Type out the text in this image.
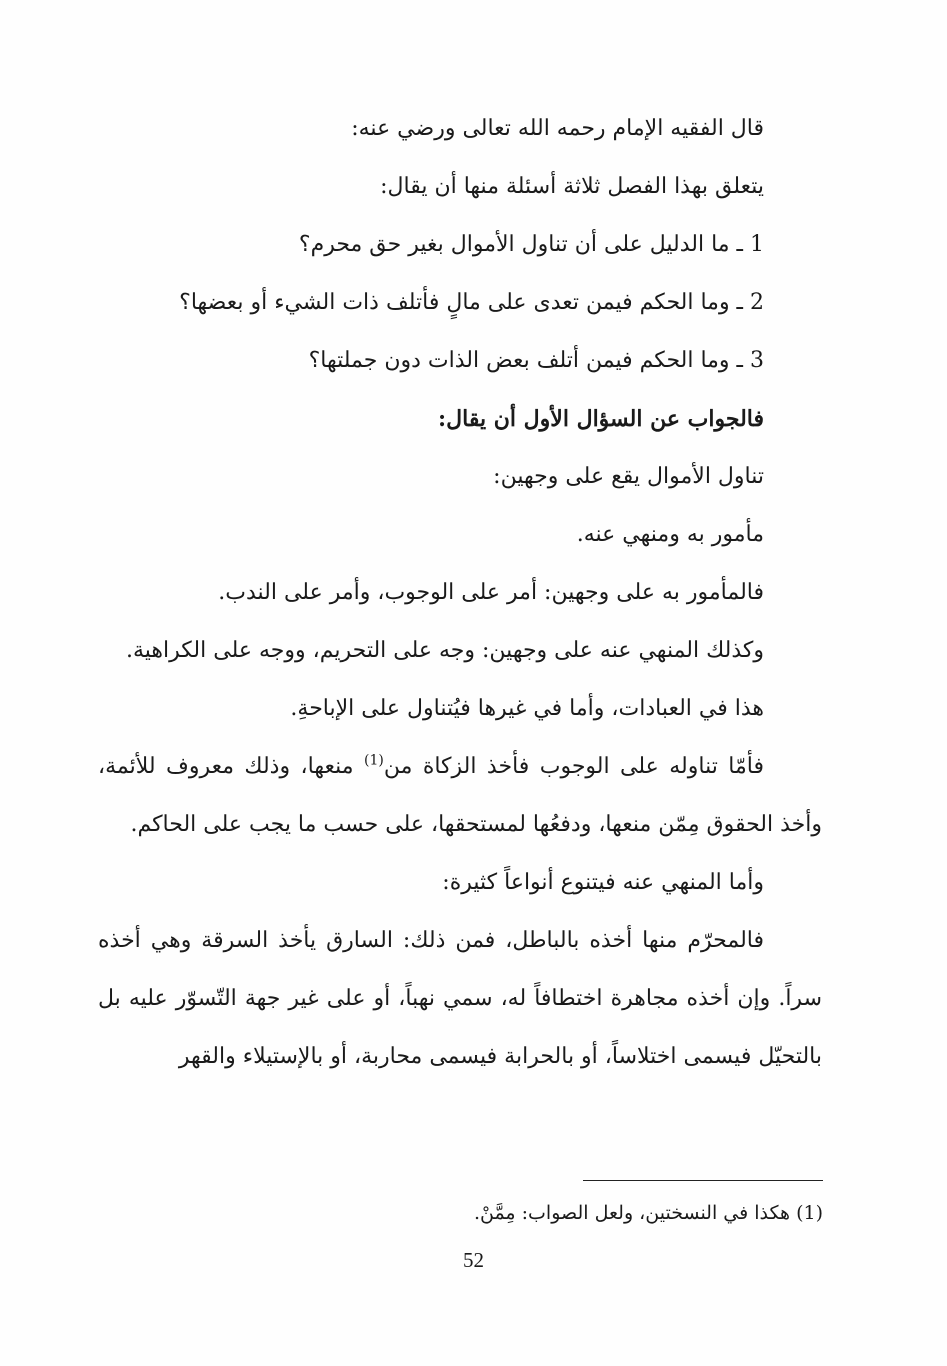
قال الفقيه الإمام رحمه الله تعالى ورضي عنه:

يتعلق بهذا الفصل ثلاثة أسئلة منها أن يقال:

1 ـ ما الدليل على أن تناول الأموال بغير حق محرم؟

2 ـ وما الحكم فيمن تعدى على مالٍ فأتلف ذات الشيء أو بعضها؟

3 ـ وما الحكم فيمن أتلف بعض الذات دون جملتها؟

فالجواب عن السؤال الأول أن يقال:

تناول الأموال يقع على وجهين:

مأمور به ومنهي عنه.

فالمأمور به على وجهين: أمر على الوجوب، وأمر على الندب.

وكذلك المنهي عنه على وجهين: وجه على التحريم، ووجه على الكراهية.

هذا في العبادات، وأما في غيرها فيُتناول على الإباحةِ.

فأمّا تناوله على الوجوب فأخذ الزكاة من$^{(1)}$ منعها، وذلك معروف للأئمة، وأخذ الحقوق مِمّن منعها، ودفعُها لمستحقها، على حسب ما يجب على الحاكم.

وأما المنهي عنه فيتنوع أنواعاً كثيرة:

فالمحرّم منها أخذه بالباطل، فمن ذلك: السارق يأخذ السرقة وهي أخذه سراً. وإن أخذه مجاهرة اختطافاً له، سمي نهباً، أو على غير جهة التّسوّر عليه بل بالتحيّل فيسمى اختلاساً، أو بالحرابة فيسمى محاربة، أو بالإستيلاء والقهر

(1) هكذا في النسختين، ولعل الصواب: مِمَّنْ.
52
